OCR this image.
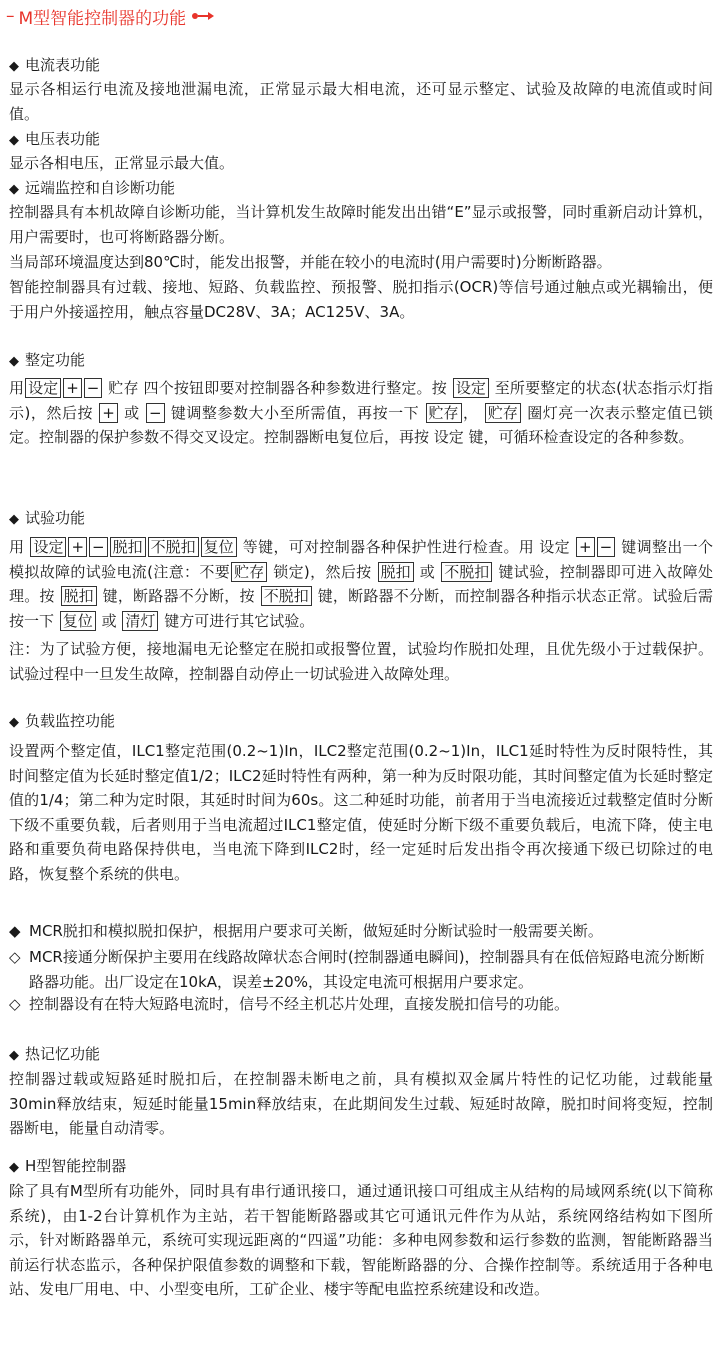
– M型智能控制器的功能
◆ 电流表功能
显示各相运行电流及接地泄漏电流，正常显示最大相电流，还可显示整定、试验及故障的电流值或时间值。
◆ 电压表功能
显示各相电压，正常显示最大值。
◆ 远端监控和自诊断功能
控制器具有本机故障自诊断功能，当计算机发生故障时能发出出错“E”显示或报警，同时重新启动计算机，用户需要时，也可将断路器分断。
当局部环境温度达到80℃时，能发出报警，并能在较小的电流时(用户需要时)分断断路器。
智能控制器具有过载、接地、短路、负载监控、预报警、脱扣指示(OCR)等信号通过触点或光耦输出，便于用户外接遥控用，触点容量DC28V、3A；AC125V、3A。
◆ 整定功能
用 设定 + − 贮存 四个按钮即要对控制器各种参数进行整定。按 设定 至所要整定的状态(状态指示灯指示)，然后按 + 或 − 键调整参数大小至所需值，再按一下 贮存 ， 贮存 圈灯亮一次表示整定值已锁定。控制器的保护参数不得交叉设定。控制器断电复位后，再按 设定 键，可循环检查设定的各种参数。
◆ 试验功能
用 设定 + − 脱扣 不脱扣 复位 等键，可对控制器各种保护性进行检查。用 设定 + − 键调整出一个模拟故障的试验电流(注意：不要 贮存 锁定)，然后按 脱扣 或 不脱扣 键试验，控制器即可进入故障处理。按 脱扣 键，断路器不分断，按 不脱扣 键，断路器不分断，而控制器各种指示状态正常。试验后需按一下 复位 或 清灯 键方可进行其它试验。
注：为了试验方便，接地漏电无论整定在脱扣或报警位置，试验均作脱扣处理，且优先级小于过载保护。试验过程中一旦发生故障，控制器自动停止一切试验进入故障处理。
◆ 负载监控功能
设置两个整定值，ILC1整定范围(0.2~1)In，ILC2整定范围(0.2~1)In，ILC1延时特性为反时限特性，其时间整定值为长延时整定值1/2；ILC2延时特性有两种，第一种为反时限功能，其时间整定值为长延时整定值的1/4；第二种为定时限，其延时时间为60s。这二种延时功能，前者用于当电流接近过载整定值时分断下级不重要负载，后者则用于当电流超过ILC1整定值，使延时分断下级不重要负载后，电流下降，使主电路和重要负荷电路保持供电，当电流下降到ILC2时，经一定延时后发出指令再次接通下级已切除过的电路，恢复整个系统的供电。
◆ MCR脱扣和模拟脱扣保护，根据用户要求可关断，做短延时分断试验时一般需要关断。
◇ MCR接通分断保护主要用在线路故障状态合闸时(控制器通电瞬间)，控制器具有在低倍短路电流分断断路器功能。出厂设定在10kA，误差±20%，其设定电流可根据用户要求定。
◇ 控制器设有在特大短路电流时，信号不经主机芯片处理，直接发脱扣信号的功能。
◆ 热记忆功能
控制器过载或短路延时脱扣后，在控制器未断电之前，具有模拟双金属片特性的记忆功能，过载能量30min释放结束，短延时能量15min释放结束，在此期间发生过载、短延时故障，脱扣时间将变短，控制器断电，能量自动清零。
◆ H型智能控制器
除了具有M型所有功能外，同时具有串行通讯接口，通过通讯接口可组成主从结构的局域网系统(以下简称系统)，由1-2台计算机作为主站，若干智能断路器或其它可通讯元件作为从站，系统网络结构如下图所示，针对断路器单元，系统可实现远距离的“四遥”功能：多种电网参数和运行参数的监测，智能断路器当前运行状态监示，各种保护限值参数的调整和下载，智能断路器的分、合操作控制等。系统适用于各种电站、发电厂用电、中、小型变电所，工矿企业、楼宇等配电监控系统建设和改造。
